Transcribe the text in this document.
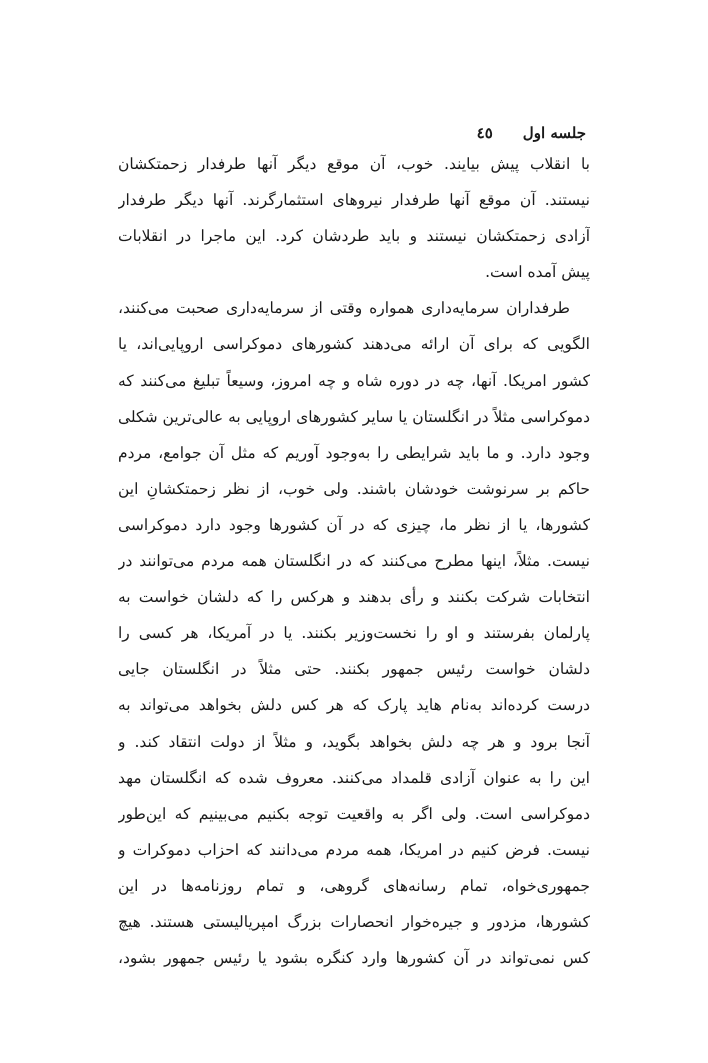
جلسه اول
٤٥
با انقلاب پیش بیایند. خوب، آن موقع دیگر آنها طرفدار زحمتکشان
نیستند. آن موقع آنها طرفدار نیروهای استثمارگرند. آنها دیگر طرفدار
آزادی زحمتکشان نیستند و باید طردشان کرد. این ماجرا در انقلابات
پیش آمده است.
طرفداران سرمایه‌داری همواره وقتی از سرمایه‌داری صحبت می‌کنند،
الگویی که برای آن ارائه می‌دهند کشورهای دموکراسی اروپایی‌اند، یا
کشور امریکا. آنها، چه در دوره شاه و چه امروز، وسیعاً تبلیغ می‌کنند که
دموکراسی مثلاً در انگلستان یا سایر کشورهای اروپایی به عالی‌ترین شکلی
وجود دارد. و ما باید شرایطی را به‌وجود آوریم که مثل آن جوامع، مردم
حاکم بر سرنوشت خودشان باشند. ولی خوب، از نظر زحمتکشانِ این
کشورها، یا از نظر ما، چیزی که در آن کشورها وجود دارد دموکراسی
نیست. مثلاً، اینها مطرح می‌کنند که در انگلستان همه مردم می‌توانند در
انتخابات شرکت بکنند و رأی بدهند و هرکس را که دلشان خواست به
پارلمان بفرستند و او را نخست‌وزیر بکنند. یا در آمریکا، هر کسی را
دلشان خواست رئیس جمهور بکنند. حتی مثلاً در انگلستان جایی
درست کرده‌اند به‌نام هاید پارک که هر کس دلش بخواهد می‌تواند به
آنجا برود و هر چه دلش بخواهد بگوید، و مثلاً از دولت انتقاد کند. و
این را به عنوان آزادی قلمداد می‌کنند. معروف شده که انگلستان مهد
دموکراسی است. ولی اگر به واقعیت توجه بکنیم می‌بینیم که این‌طور
نیست. فرض کنیم در امریکا، همه مردم می‌دانند که احزاب دموکرات و
جمهوری‌خواه، تمام رسانه‌های گروهی، و تمام روزنامه‌ها در این
کشورها، مزدور و جیره‌خوار انحصارات بزرگ امپریالیستی هستند. هیچ
کس نمی‌تواند در آن کشورها وارد کنگره بشود یا رئیس جمهور بشود،
